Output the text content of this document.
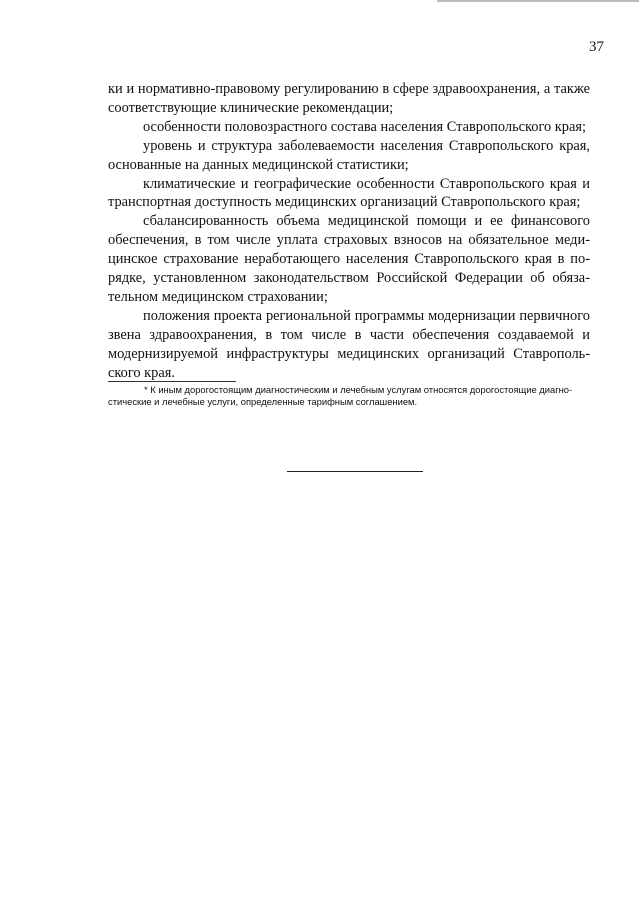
37

ки и нормативно-правовому регулированию в сфере здравоохранения, а также соответствующие клинические рекомендации;

особенности половозрастного состава населения Ставропольского края;

уровень и структура заболеваемости населения Ставропольского края, основанные на данных медицинской статистики;

климатические и географические особенности Ставропольского края и транспортная доступность медицинских организаций Ставропольского края;

сбалансированность объема медицинской помощи и ее финансового обеспечения, в том числе уплата страховых взносов на обязательное медицинское страхование неработающего населения Ставропольского края в порядке, установленном законодательством Российской Федерации об обязательном медицинском страховании;

положения проекта региональной программы модернизации первичного звена здравоохранения, в том числе в части обеспечения создаваемой и модернизируемой инфраструктуры медицинских организаций Ставропольского края.

* К иным дорогостоящим диагностическим и лечебным услугам относятся дорогостоящие диагностические и лечебные услуги, определенные тарифным соглашением.
